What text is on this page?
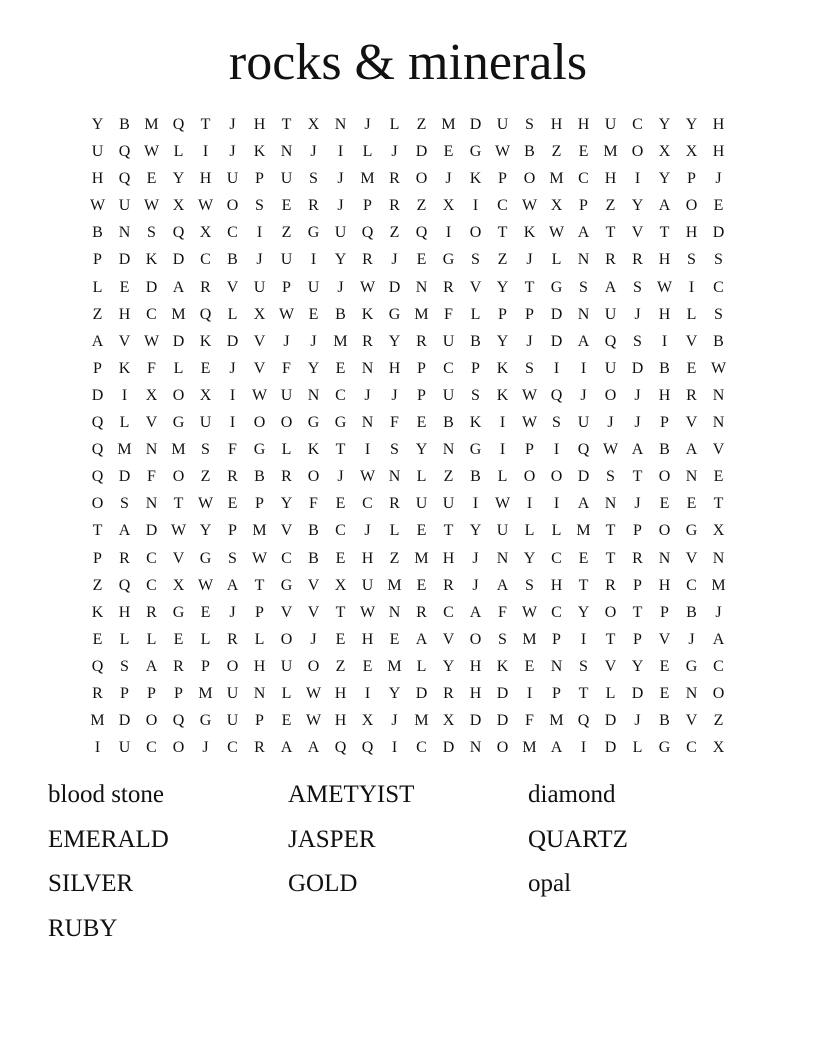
rocks & minerals
Y B M Q	T	J	H	T	X N	J	L	Z M D U	S	H H U C Y Y H
U Q W L	I	J	K N	J	I	L	J	D	E	G W B	Z	E M O X X H
H Q	E	Y H U	P	U	S	J	M R O	J	K	P	O M C H	I	Y	P	J
W U W X W O	S	E	R	J	P	R	Z	X	I	C W X	P	Z	Y A O	E
B N	S	Q X C	I	Z	G U Q	Z	Q	I	O	T	K W A	T	V	T	H D
P	D K D C	B	J	U	I	Y R	J	E	G	S	Z	J	L	N R	R H	S	S
L	E	D A R V U	P	U	J	W D N R V Y	T	G	S	A	S W	I	C
Z	H C M Q	L	X W E	B K G M F	L	P	P	D N U	J	H	L	S
A V W D K D V	J	J	M R Y R U B Y	J	D A Q	S	I	V B
P	K	F	L	E	J	V	F	Y	E	N H	P	C	P	K	S	I	I	U D B	E W
D	I	X O X	I	W U N C	J	J	P	U	S	K W Q	J	O	J	H R N
Q	L	V G U	I	O O G G N	F	E	B K	I	W S	U	J	J	P	V N
Q M N M S	F	G	L	K	T	I	S	Y N G	I	P	I	Q W A B A V
Q D	F	O	Z	R	B	R O	J	W N	L	Z	B	L	O O D	S	T	O N	E
O	S	N	T W E	P	Y	F	E	C	R U U	I	W	I	I	A N	J	E	E	T
T	A D W Y	P M V B	C	J	L	E	T	Y U	L	L M T	P	O G X
P	R	C V G	S W C	B	E	H	Z M H	J	N Y C	E	T	R N V N
Z	Q C X W A	T	G V X U M E	R	J	A	S	H	T	R	P	H C M
K H R G	E	J	P	V V	T W N R	C A	F W C Y O	T	P	B	J
E	L	L	E	L	R	L	O	J	E	H	E	A V O	S M P	I	T	P	V	J	A
Q	S	A R	P	O H U O	Z	E M L	Y H K	E	N	S	V Y	E	G C
R	P	P	P M U N	L W H	I	Y D R H D	I	P	T	L	D	E	N O
M D O Q G U	P	E W H X	J	M X D D	F M Q D	J	B V	Z
I	U C O	J	C	R A A Q Q	I	C D N O M A	I	D	L	G C X
blood stone	AMETYIST	diamond
EMERALD	JASPER	QUARTZ
SILVER	GOLD	opal
RUBY
